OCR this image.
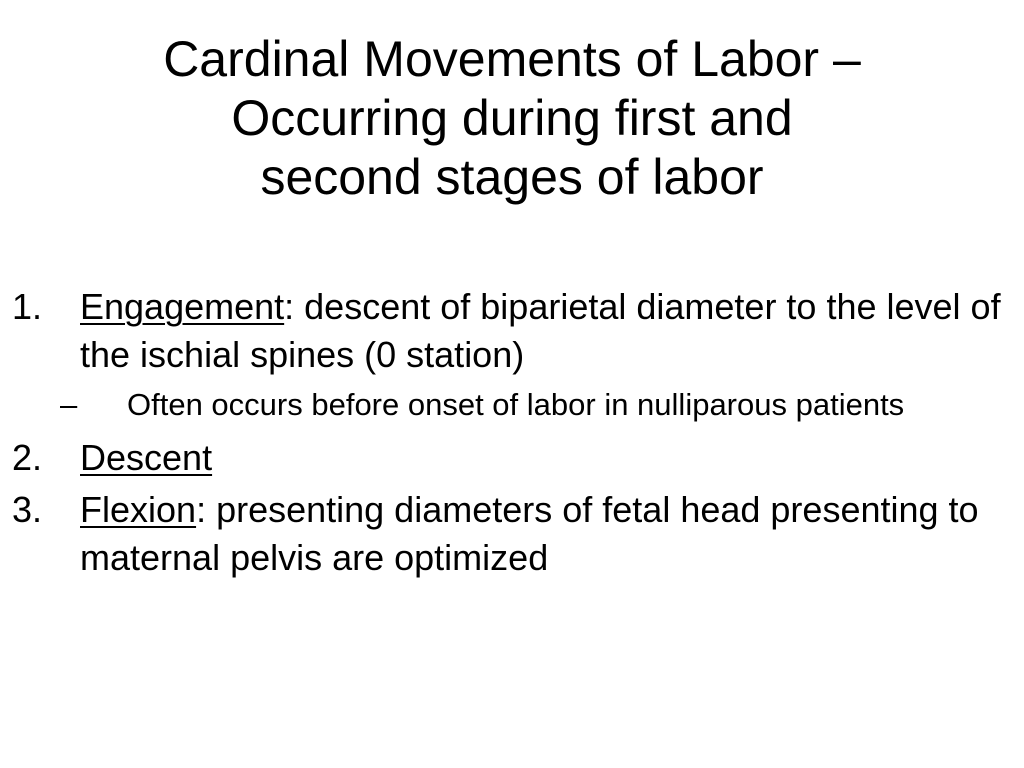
Cardinal Movements of Labor –
Occurring during first and
second stages of labor
1. Engagement: descent of biparietal diameter to the level of the ischial spines (0 station)
– Often occurs before onset of labor in nulliparous patients
2. Descent
3. Flexion: presenting diameters of fetal head presenting to maternal pelvis are optimized
